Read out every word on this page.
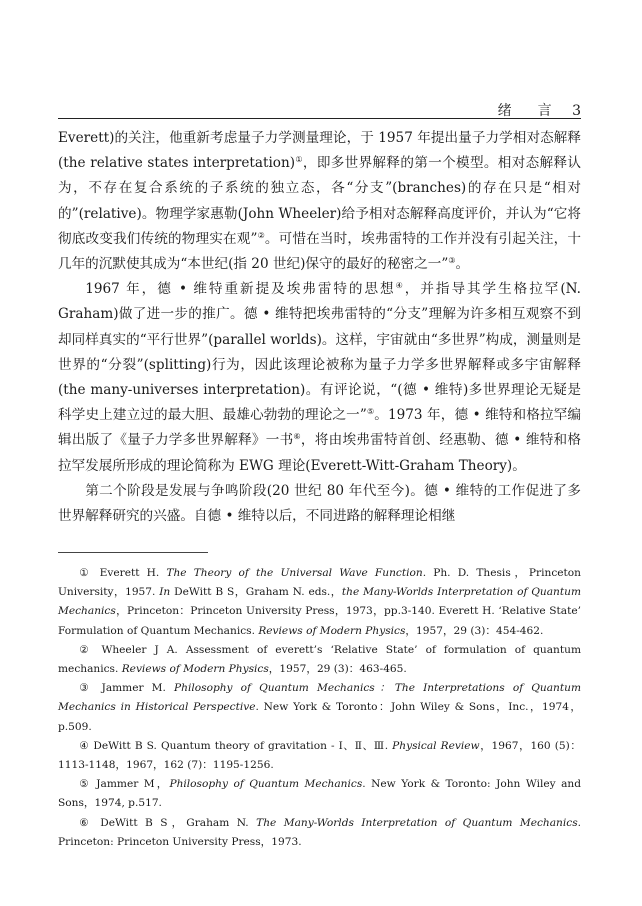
绪　言 3

Everett)的关注，他重新考虑量子力学测量理论，于 1957 年提出量子力学相对态解释(the relative states interpretation)①，即多世界解释的第一个模型。相对态解释认为，不存在复合系统的子系统的独立态，各“分支”(branches)的存在只是“相对的”(relative)。物理学家惠勒(John Wheeler)给予相对态解释高度评价，并认为“它将彻底改变我们传统的物理实在观”②。可惜在当时，埃弗雷特的工作并没有引起关注，十几年的沉默使其成为“本世纪(指 20 世纪)保守的最好的秘密之一”③。

1967 年，德 • 维特重新提及埃弗雷特的思想④，并指导其学生格拉罕(N. Graham)做了进一步的推广。德 • 维特把埃弗雷特的“分支”理解为许多相互观察不到却同样真实的“平行世界”(parallel worlds)。这样，宇宙就由“多世界”构成，测量则是世界的“分裂”(splitting)行为，因此该理论被称为量子力学多世界解释或多宇宙解释(the many-universes interpretation)。有评论说，“(德 • 维特)多世界理论无疑是科学史上建立过的最大胆、最雄心勃勃的理论之一”⑤。1973 年，德 • 维特和格拉罕编辑出版了《量子力学多世界解释》一书⑥，将由埃弗雷特首创、经惠勒、德 • 维特和格拉罕发展所形成的理论简称为 EWG 理论(Everett-Witt-Graham Theory)。

第二个阶段是发展与争鸣阶段(20 世纪 80 年代至今)。德 • 维特的工作促进了多世界解释研究的兴盛。自德 • 维特以后，不同进路的解释理论相继

① Everett H. The Theory of the Universal Wave Function. Ph. D. Thesis，Princeton University，1957. In DeWitt B S，Graham N. eds.，the Many-Worlds Interpretation of Quantum Mechanics，Princeton：Princeton University Press，1973，pp.3-140. Everett H. ‘Relative State’ Formulation of Quantum Mechanics. Reviews of Modern Physics，1957，29 (3)：454-462.

② Wheeler J A. Assessment of everett’s ‘Relative State’ of formulation of quantum mechanics. Reviews of Modern Physics，1957，29 (3)：463-465.

③ Jammer M. Philosophy of Quantum Mechanics：The Interpretations of Quantum Mechanics in Historical Perspective. New York & Toronto：John Wiley & Sons，Inc.，1974，p.509.

④ DeWitt B S. Quantum theory of gravitation - Ⅰ、Ⅱ、Ⅲ. Physical Review，1967，160 (5)：1113-1148，1967，162 (7)：1195-1256.

⑤ Jammer M，Philosophy of Quantum Mechanics. New York & Toronto: John Wiley and Sons，1974, p.517.

⑥ DeWitt B S，Graham N. The Many-Worlds Interpretation of Quantum Mechanics. Princeton: Princeton University Press，1973.
